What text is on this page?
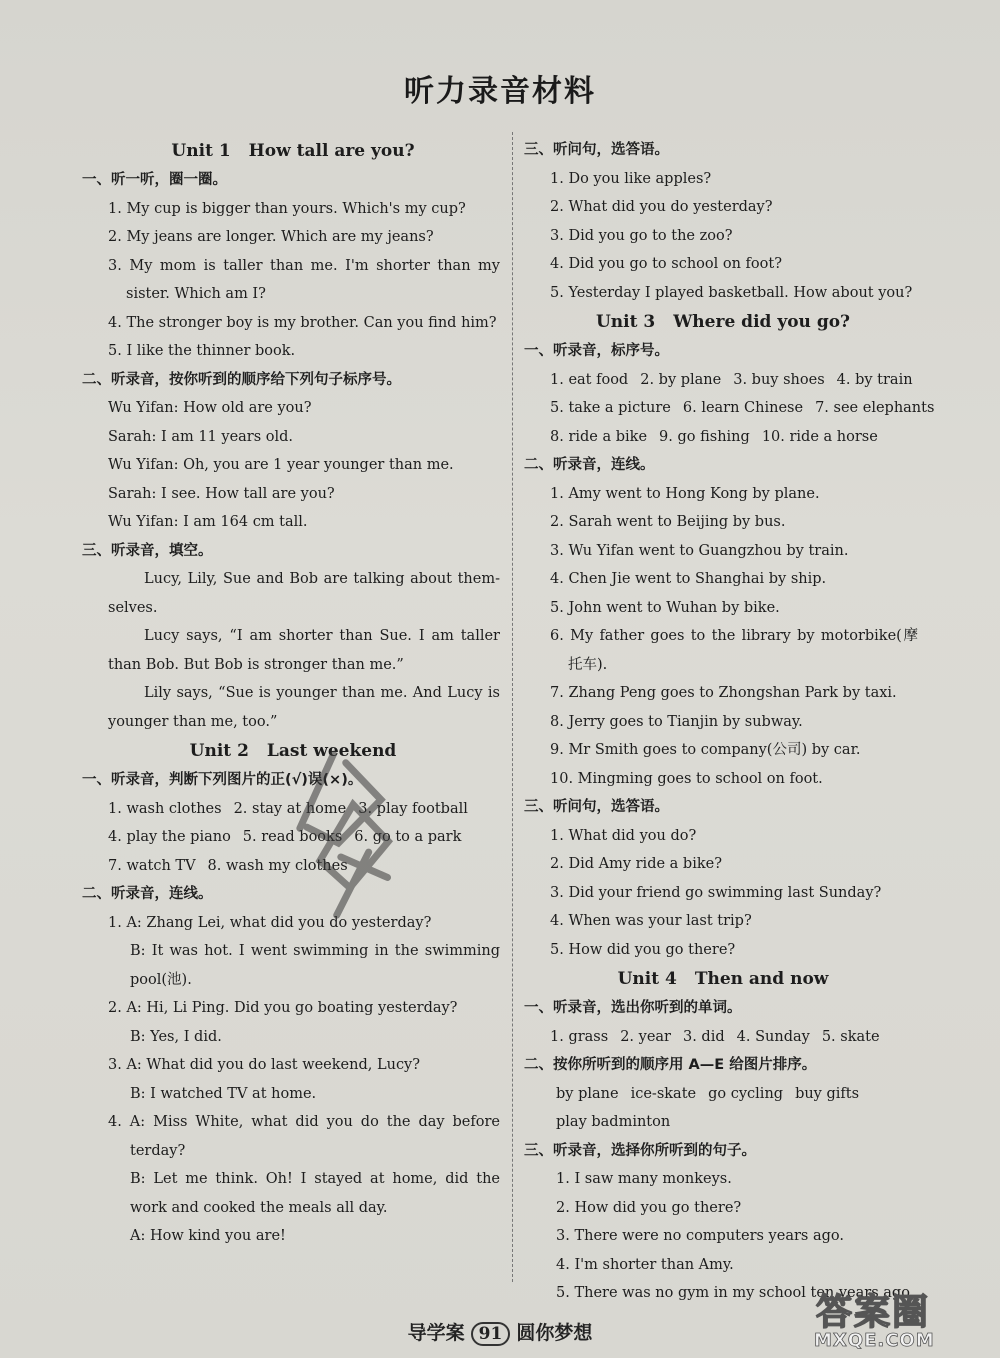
听力录音材料
Unit 1 How tall are you?
一、听一听，圈一圈。
1. My cup is bigger than yours. Which's my cup?
2. My jeans are longer. Which are my jeans?
3. My mom is taller than me. I'm shorter than my
sister. Which am I?
4. The stronger boy is my brother. Can you find him?
5. I like the thinner book.
二、听录音，按你听到的顺序给下列句子标序号。
Wu Yifan: How old are you?
Sarah: I am 11 years old.
Wu Yifan: Oh, you are 1 year younger than me.
Sarah: I see. How tall are you?
Wu Yifan: I am 164 cm tall.
三、听录音，填空。
Lucy, Lily, Sue and Bob are talking about them-
selves.
Lucy says, “I am shorter than Sue. I am taller
than Bob. But Bob is stronger than me.”
Lily says, “Sue is younger than me. And Lucy is
younger than me, too.”
Unit 2 Last weekend
一、听录音，判断下列图片的正(√)误(×)。
1. wash clothes 2. stay at home 3. play football
4. play the piano 5. read books 6. go to a park
7. watch TV 8. wash my clothes
二、听录音，连线。
1. A: Zhang Lei, what did you do yesterday?
B: It was hot. I went swimming in the swimming
pool(池).
2. A: Hi, Li Ping. Did you go boating yesterday?
B: Yes, I did.
3. A: What did you do last weekend, Lucy?
B: I watched TV at home.
4. A: Miss White, what did you do the day before
terday?
B: Let me think. Oh! I stayed at home, did the
work and cooked the meals all day.
A: How kind you are!
三、听问句，选答语。
1. Do you like apples?
2. What did you do yesterday?
3. Did you go to the zoo?
4. Did you go to school on foot?
5. Yesterday I played basketball. How about you?
Unit 3 Where did you go?
一、听录音，标序号。
1. eat food 2. by plane 3. buy shoes 4. by train
5. take a picture 6. learn Chinese 7. see elephants
8. ride a bike 9. go fishing 10. ride a horse
二、听录音，连线。
1. Amy went to Hong Kong by plane.
2. Sarah went to Beijing by bus.
3. Wu Yifan went to Guangzhou by train.
4. Chen Jie went to Shanghai by ship.
5. John went to Wuhan by bike.
6. My father goes to the library by motorbike(摩
托车).
7. Zhang Peng goes to Zhongshan Park by taxi.
8. Jerry goes to Tianjin by subway.
9. Mr Smith goes to company(公司) by car.
10. Mingming goes to school on foot.
三、听问句，选答语。
1. What did you do?
2. Did Amy ride a bike?
3. Did your friend go swimming last Sunday?
4. When was your last trip?
5. How did you go there?
Unit 4 Then and now
一、听录音，选出你听到的单词。
1. grass 2. year 3. did 4. Sunday 5. skate
二、按你所听到的顺序用 A—E 给图片排序。
by plane ice-skate go cycling buy gifts
play badminton
三、听录音，选择你所听到的句子。
1. I saw many monkeys.
2. How did you go there?
3. There were no computers years ago.
4. I'm shorter than Amy.
5. There was no gym in my school ten years ago.
答案圈
MXQE.COM
导学案 91 圆你梦想
